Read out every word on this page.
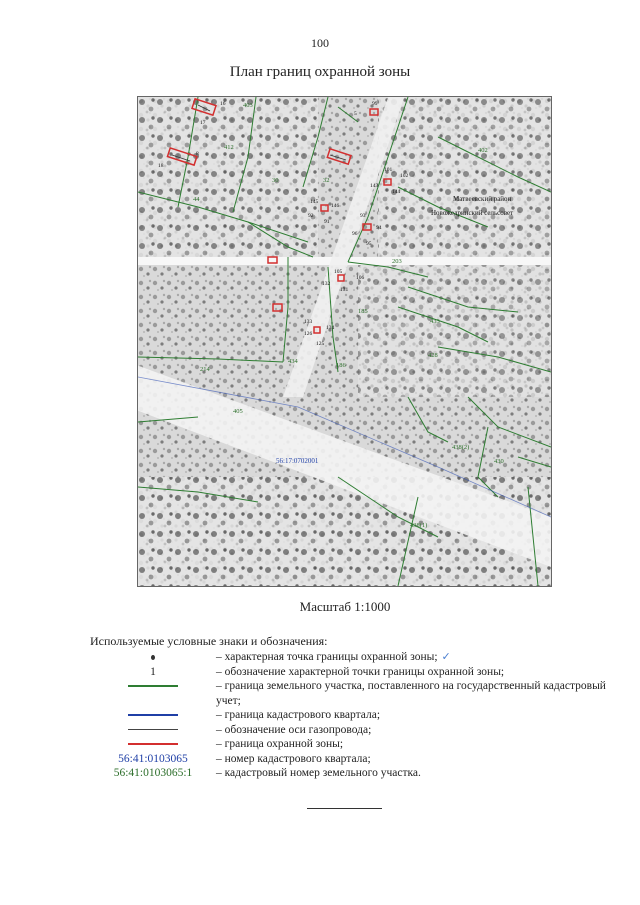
100
План границ охранной зоны
16
17
18
8
99
5
101
102
143
144
145
146
91
92	93
94
95
96
105
106
131
132
133
134
125
126
403
412
30	32
44
203
185
433
428
214
434
186
405
438(2)
438(1)
402
430
Матвеевский район
Новожедринский сельсовет
56:17:0702001
Масштаб 1:1000
Используемые условные знаки и обозначения:
– характерная точка границы охранной зоны; ✓
1	– обозначение характерной точки границы охранной зоны;
– граница земельного участка, поставленного на государственный кадастровый учет;
– граница кадастрового квартала;
– обозначение оси газопровода;
– граница охранной зоны;
56:41:0103065 – номер кадастрового квартала;
56:41:0103065:1 – кадастровый номер земельного участка.
